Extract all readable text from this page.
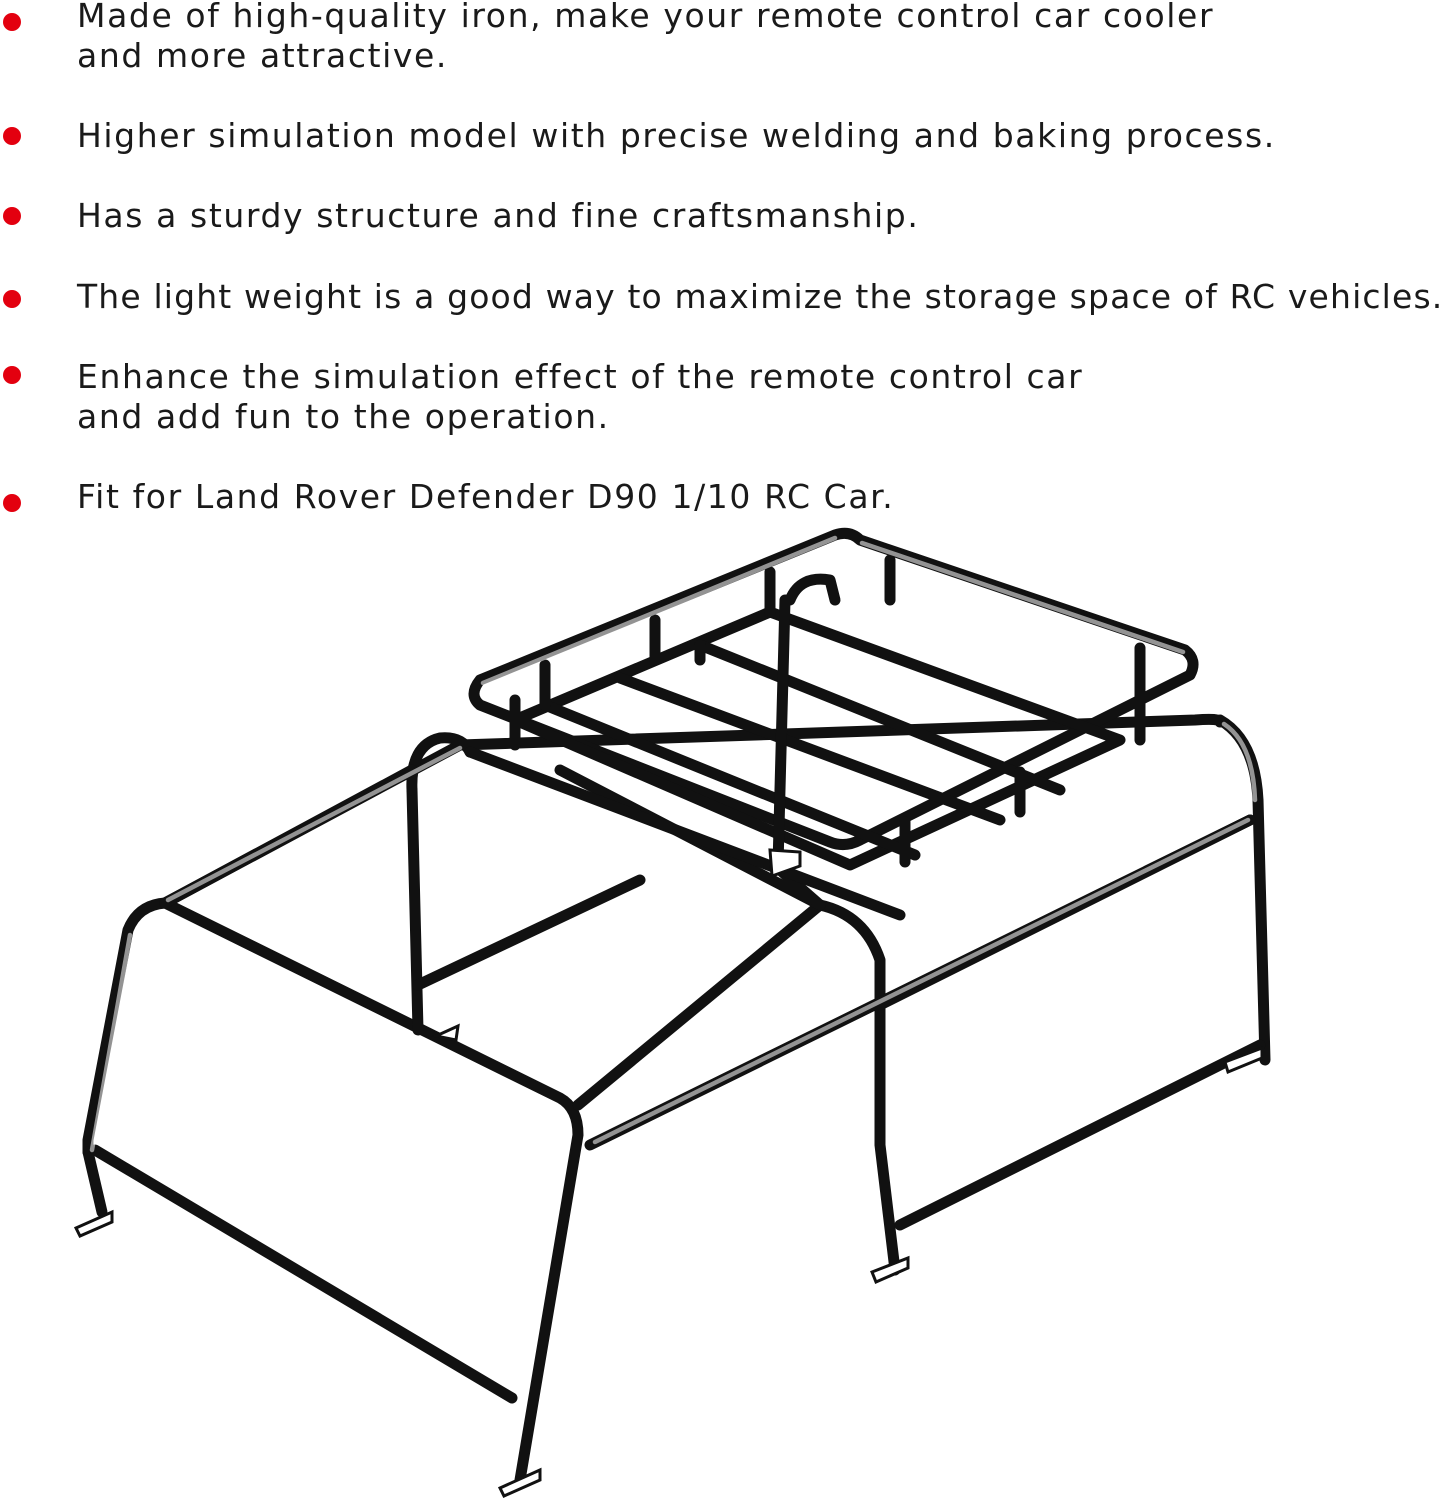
Made of high-quality iron, make your remote control car cooler
and more attractive.
Higher simulation model with precise welding and baking process.
Has a sturdy structure and fine craftsmanship.
The light weight is a good way to maximize the storage space of RC vehicles.
Enhance the simulation effect of the remote control car
and add fun to the operation.
Fit for Land Rover Defender D90 1/10 RC Car.
